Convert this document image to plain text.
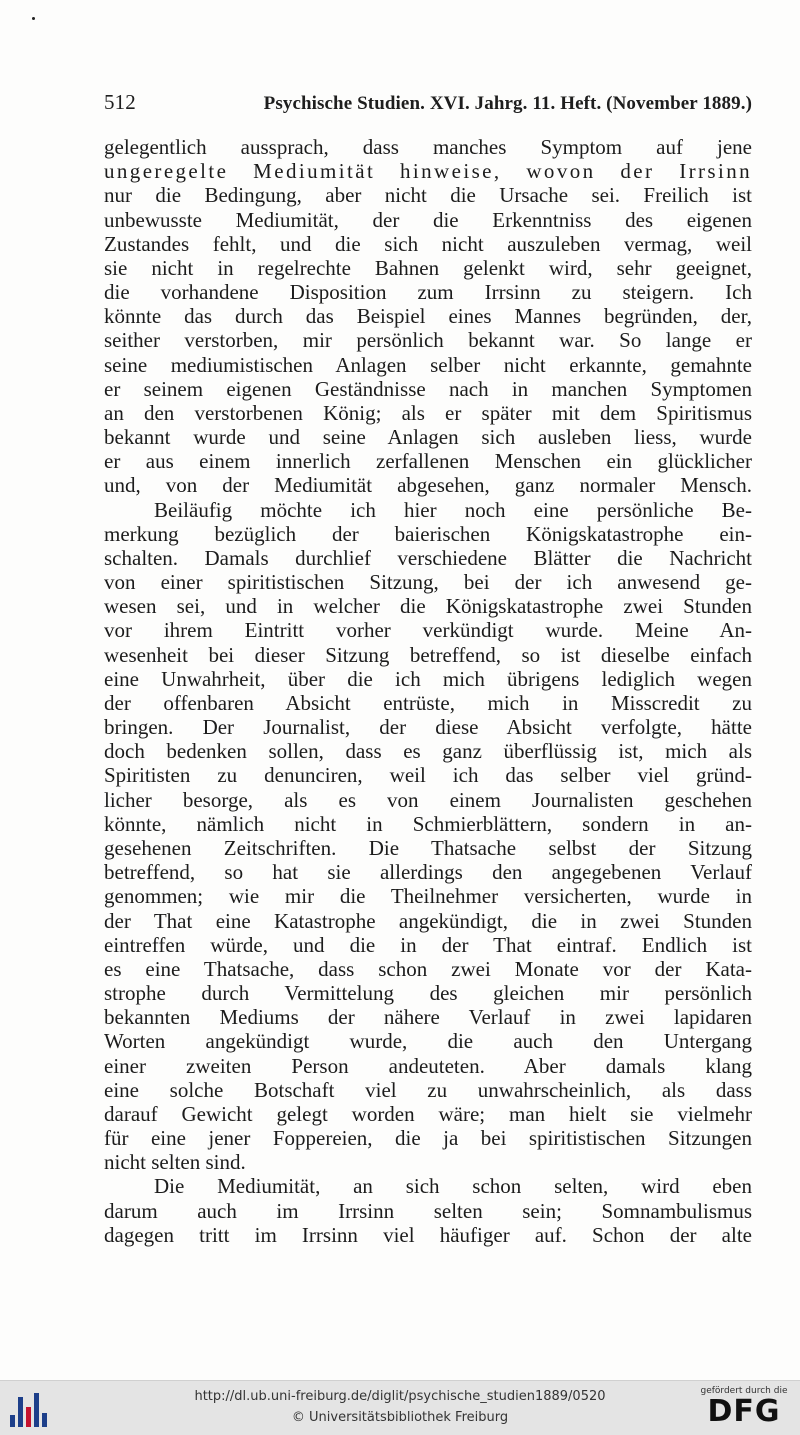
512	Psychische Studien. XVI. Jahrg. 11. Heft. (November 1889.)
gelegentlich aussprach, dass manches Symptom auf jene
ungeregelte Mediumität hinweise, wovon der Irrsinn
nur die Bedingung, aber nicht die Ursache sei. Freilich ist
unbewusste Mediumität, der die Erkenntniss des eigenen
Zustandes fehlt, und die sich nicht auszuleben vermag, weil
sie nicht in regelrechte Bahnen gelenkt wird, sehr geeignet,
die vorhandene Disposition zum Irrsinn zu steigern. Ich
könnte das durch das Beispiel eines Mannes begründen, der,
seither verstorben, mir persönlich bekannt war. So lange er
seine mediumistischen Anlagen selber nicht erkannte, gemahnte
er seinem eigenen Geständnisse nach in manchen Symptomen
an den verstorbenen König; als er später mit dem Spiritismus
bekannt wurde und seine Anlagen sich ausleben liess, wurde
er aus einem innerlich zerfallenen Menschen ein glücklicher
und, von der Mediumität abgesehen, ganz normaler Mensch.
Beiläufig möchte ich hier noch eine persönliche Be-
merkung bezüglich der baierischen Königskatastrophe ein-
schalten. Damals durchlief verschiedene Blätter die Nachricht
von einer spiritistischen Sitzung, bei der ich anwesend ge-
wesen sei, und in welcher die Königskatastrophe zwei Stunden
vor ihrem Eintritt vorher verkündigt wurde. Meine An-
wesenheit bei dieser Sitzung betreffend, so ist dieselbe einfach
eine Unwahrheit, über die ich mich übrigens lediglich wegen
der offenbaren Absicht entrüste, mich in Misscredit zu
bringen. Der Journalist, der diese Absicht verfolgte, hätte
doch bedenken sollen, dass es ganz überflüssig ist, mich als
Spiritisten zu denunciren, weil ich das selber viel gründ-
licher besorge, als es von einem Journalisten geschehen
könnte, nämlich nicht in Schmierblättern, sondern in an-
gesehenen Zeitschriften. Die Thatsache selbst der Sitzung
betreffend, so hat sie allerdings den angegebenen Verlauf
genommen; wie mir die Theilnehmer versicherten, wurde in
der That eine Katastrophe angekündigt, die in zwei Stunden
eintreffen würde, und die in der That eintraf. Endlich ist
es eine Thatsache, dass schon zwei Monate vor der Kata-
strophe durch Vermittelung des gleichen mir persönlich
bekannten Mediums der nähere Verlauf in zwei lapidaren
Worten angekündigt wurde, die auch den Untergang
einer zweiten Person andeuteten. Aber damals klang
eine solche Botschaft viel zu unwahrscheinlich, als dass
darauf Gewicht gelegt worden wäre; man hielt sie vielmehr
für eine jener Foppereien, die ja bei spiritistischen Sitzungen
nicht selten sind.
Die Mediumität, an sich schon selten, wird eben
darum auch im Irrsinn selten sein; Somnambulismus
dagegen tritt im Irrsinn viel häufiger auf. Schon der alte
http://dl.ub.uni-freiburg.de/diglit/psychische_studien1889/0520
© Universitätsbibliothek Freiburg
gefördert durch die
DFG
